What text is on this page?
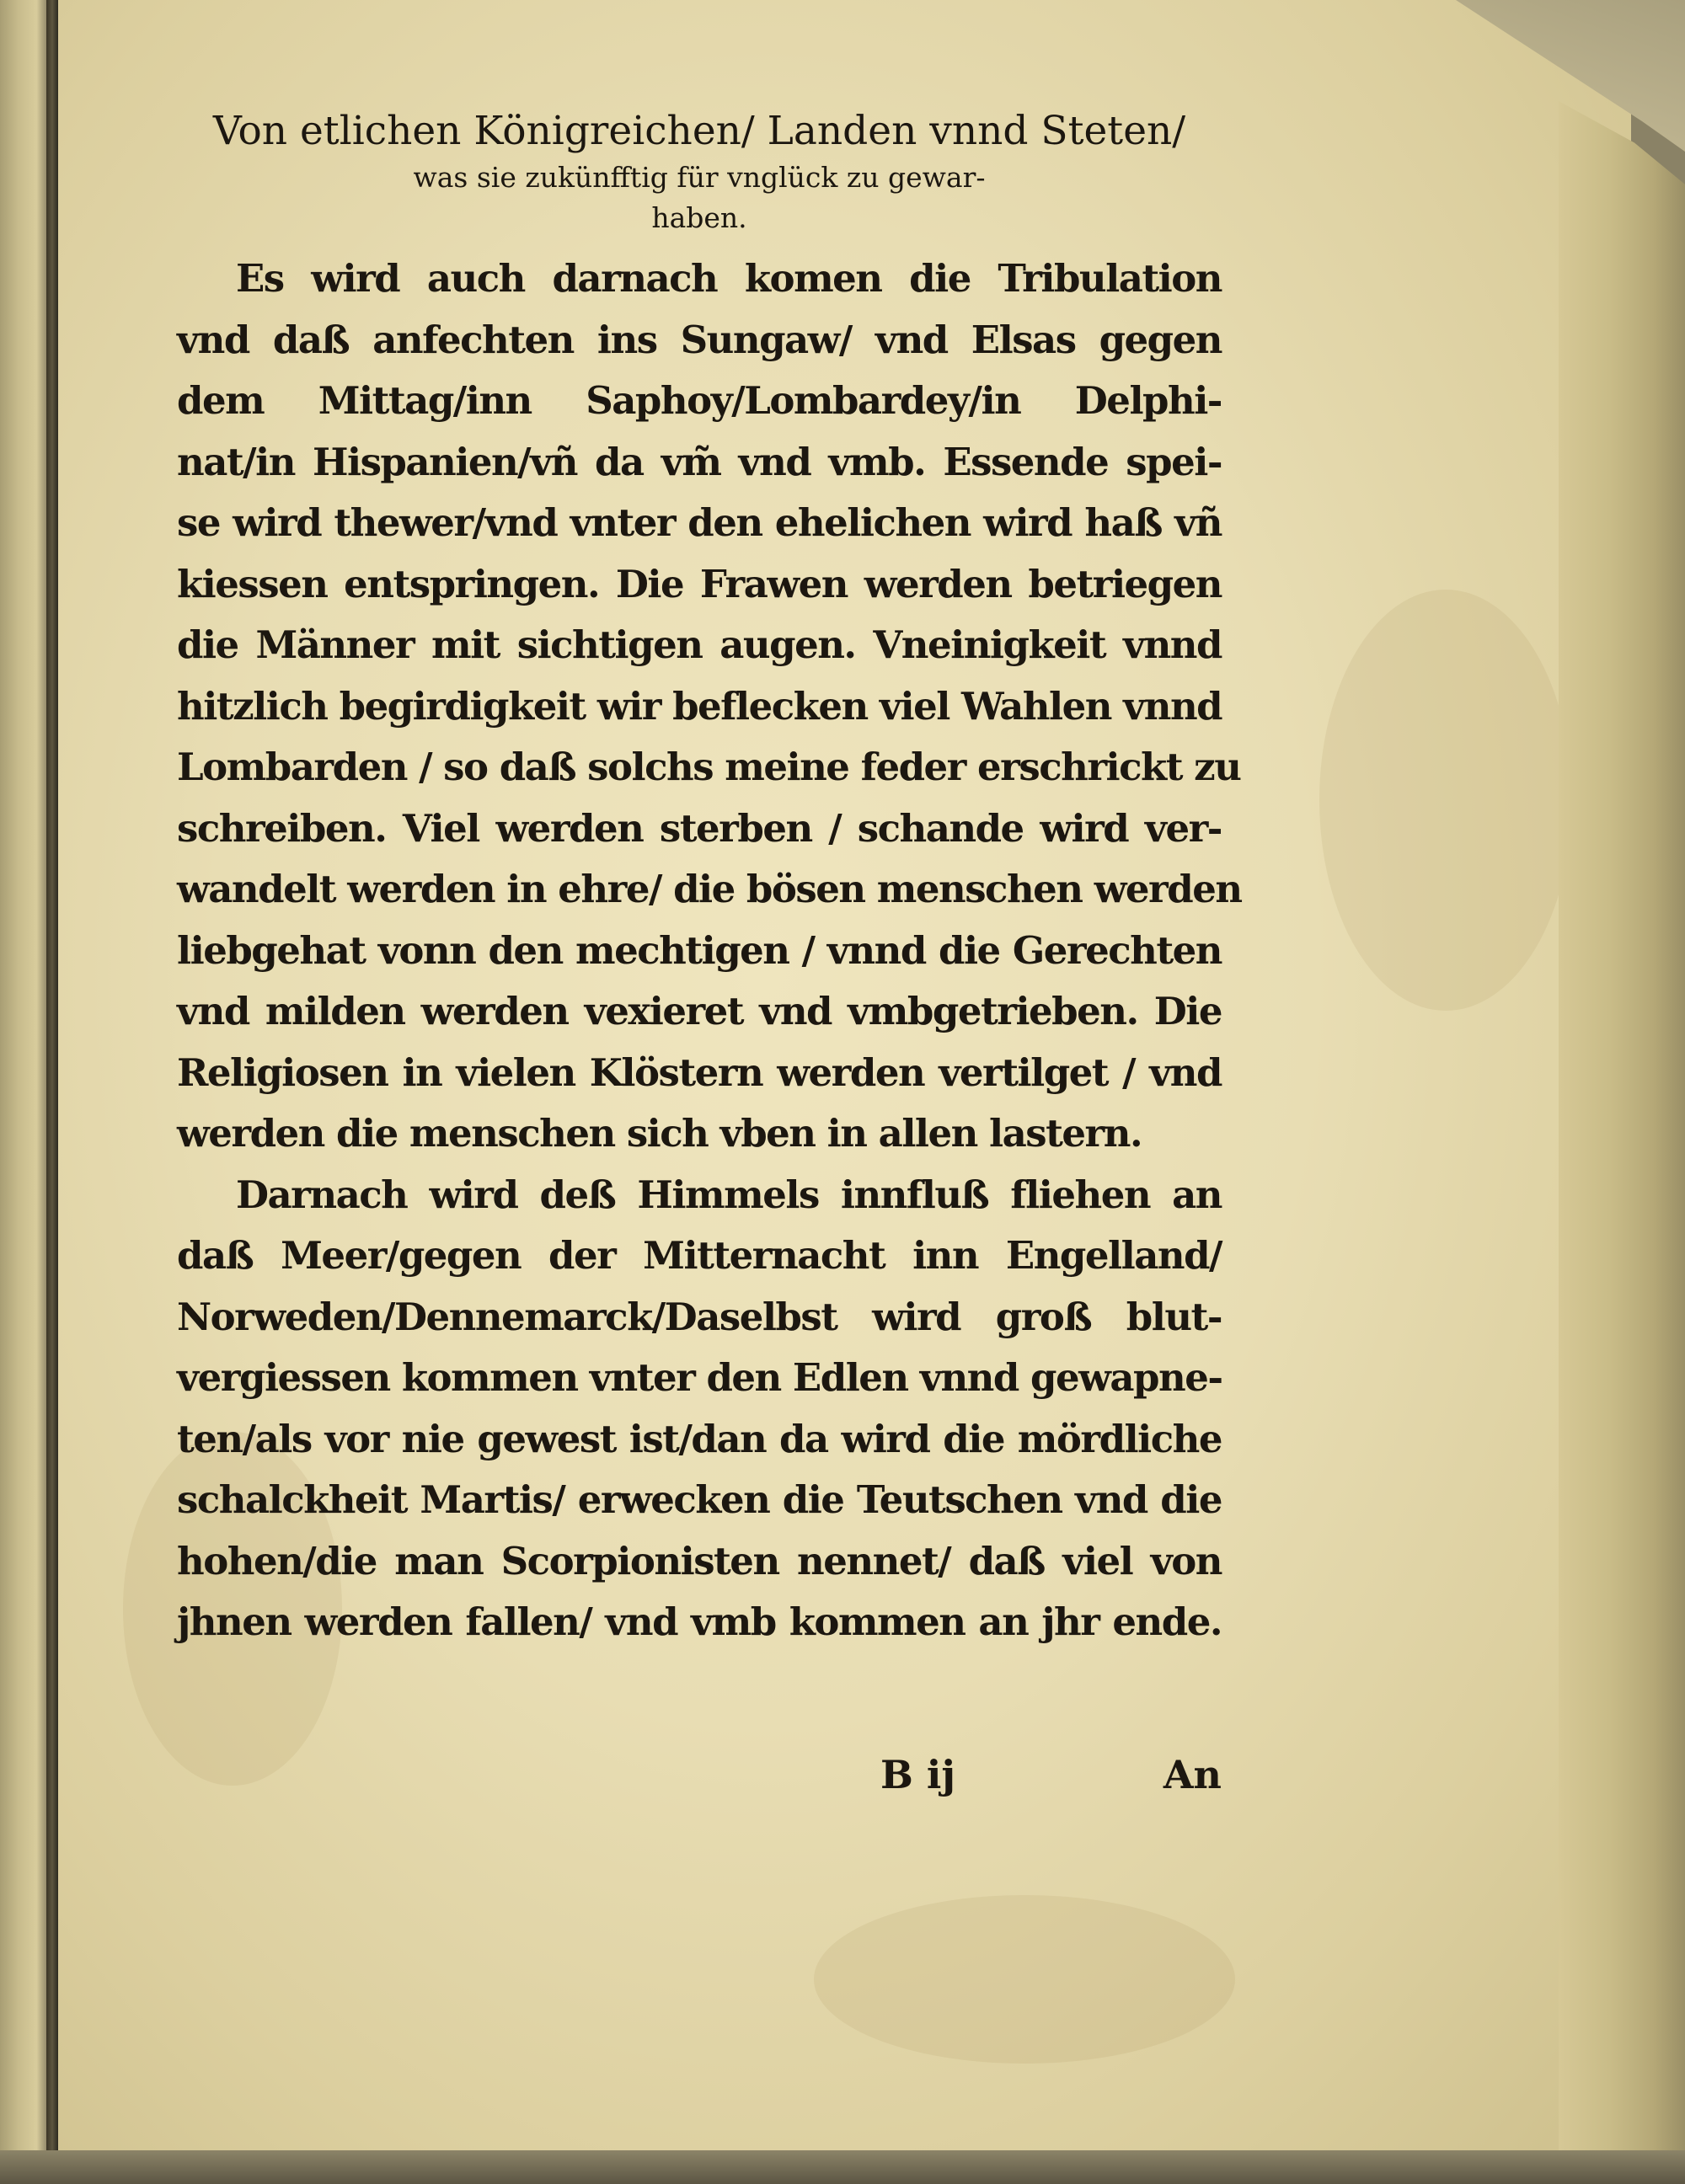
Von etlichen Königreichen/ Landen vnnd Steten/
was sie zukünfftig für vnglück zu gewar-
haben.
Es wird auch darnach komen die Tribulation
vnd daß anfechten ins Sungaw/ vnd Elsas gegen
dem Mittag/inn Saphoy/Lombardey/in Delphi-
nat/in Hispanien/vñ da vm̃ vnd vmb. Essende spei-
se wird thewer/vnd vnter den ehelichen wird haß vñ
kiessen entspringen. Die Frawen werden betriegen
die Männer mit sichtigen augen. Vneinigkeit vnnd
hitzlich begirdigkeit wir beflecken viel Wahlen vnnd
Lombarden / so daß solchs meine feder erschrickt zu
schreiben. Viel werden sterben / schande wird ver-
wandelt werden in ehre/ die bösen menschen werden
liebgehat vonn den mechtigen / vnnd die Gerechten
vnd milden werden vexieret vnd vmbgetrieben. Die
Religiosen in vielen Klöstern werden vertilget / vnd
werden die menschen sich vben in allen lastern.
Darnach wird deß Himmels innfluß fliehen an
daß Meer/gegen der Mitternacht inn Engelland/
Norweden/Dennemarck/Daselbst wird groß blut-
vergiessen kommen vnter den Edlen vnnd gewapne-
ten/als vor nie gewest ist/dan da wird die mördliche
schalckheit Martis/ erwecken die Teutschen vnd die
hohen/die man Scorpionisten nennet/ daß viel von
jhnen werden fallen/ vnd vmb kommen an jhr ende.
B ij	An
